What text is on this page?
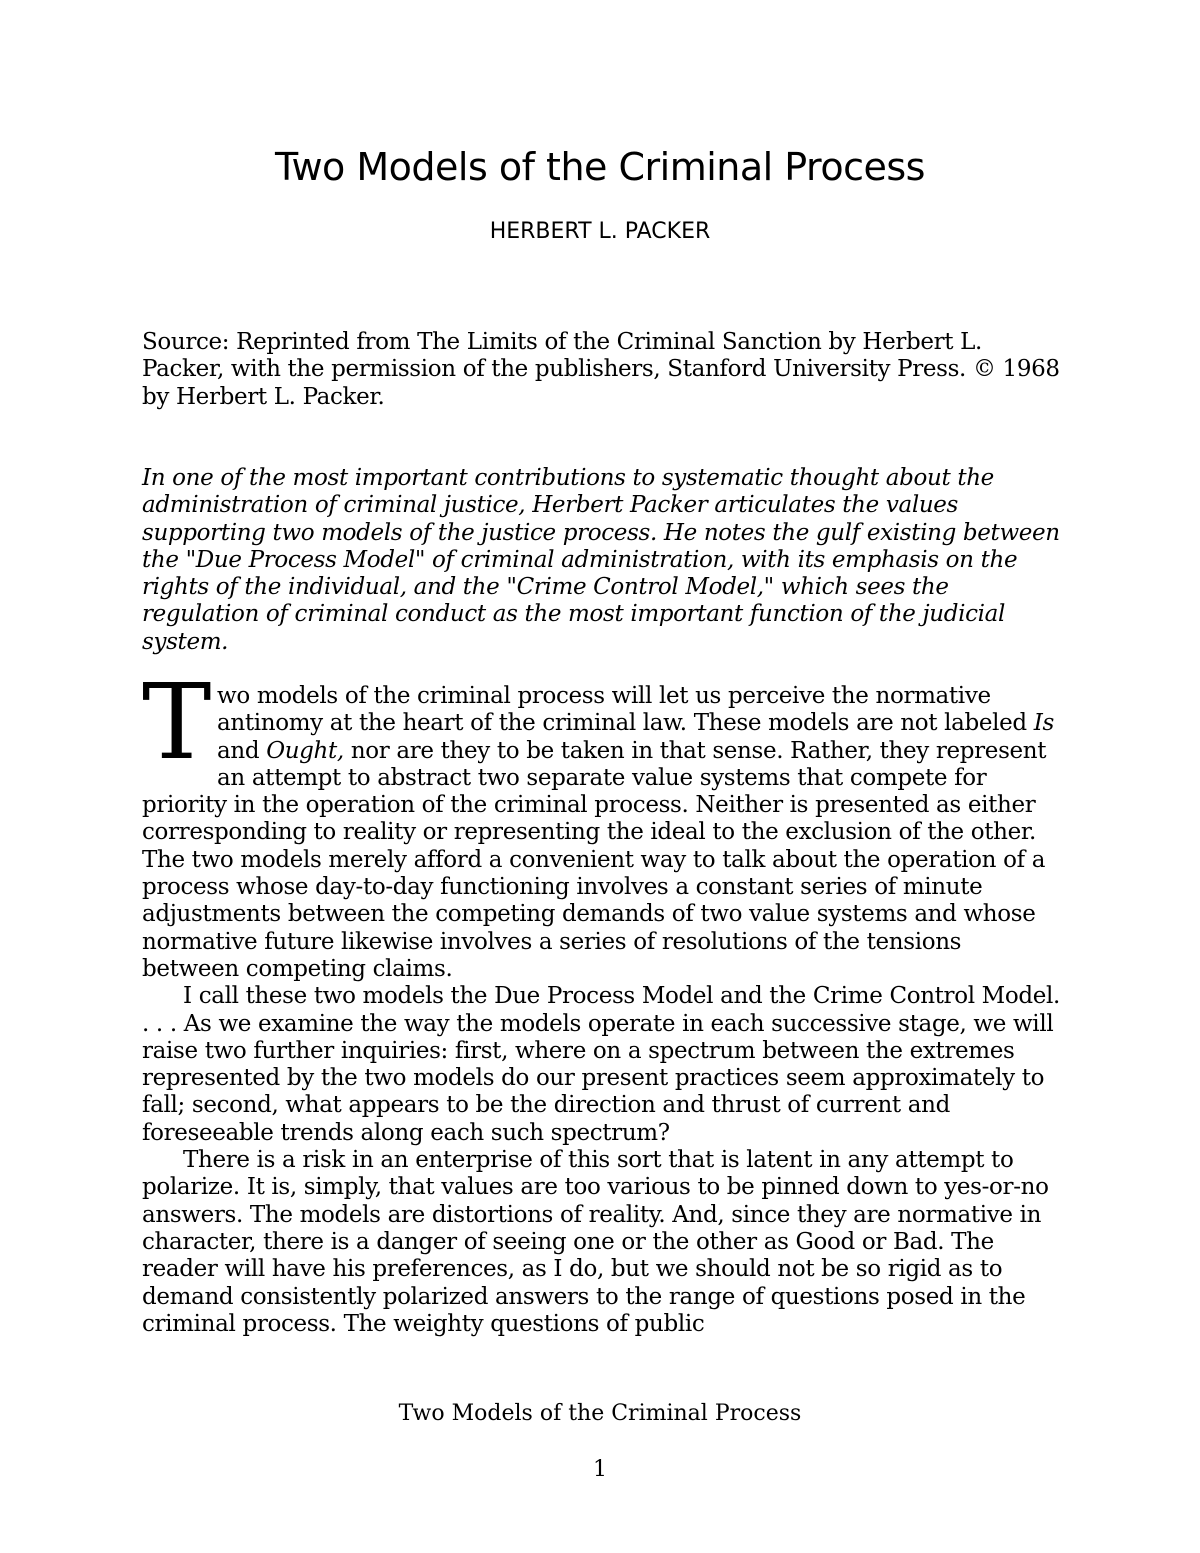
Two Models of the Criminal Process
HERBERT L. PACKER

Source: Reprinted from The Limits of the Criminal Sanction by Herbert L. Packer, with the permission of the publishers, Stanford University Press. © 1968 by Herbert L. Packer.

In one of the most important contributions to systematic thought about the administration of criminal justice, Herbert Packer articulates the values supporting two models of the justice process. He notes the gulf existing between the "Due Process Model" of criminal administration, with its emphasis on the rights of the individual, and the "Crime Control Model," which sees the regulation of criminal conduct as the most important function of the judicial system.

Two models of the criminal process will let us perceive the normative antinomy at the heart of the criminal law. These models are not labeled Is and Ought, nor are they to be taken in that sense. Rather, they represent an attempt to abstract two separate value systems that compete for priority in the operation of the criminal process. Neither is presented as either corresponding to reality or representing the ideal to the exclusion of the other. The two models merely afford a convenient way to talk about the operation of a process whose day-to-day functioning involves a constant series of minute adjustments between the competing demands of two value systems and whose normative future likewise involves a series of resolutions of the tensions between competing claims.

I call these two models the Due Process Model and the Crime Control Model. . . . As we examine the way the models operate in each successive stage, we will raise two further inquiries: first, where on a spectrum between the extremes represented by the two models do our present practices seem approximately to fall; second, what appears to be the direction and thrust of current and foreseeable trends along each such spectrum?

There is a risk in an enterprise of this sort that is latent in any attempt to polarize. It is, simply, that values are too various to be pinned down to yes-or-no answers. The models are distortions of reality. And, since they are normative in character, there is a danger of seeing one or the other as Good or Bad. The reader will have his preferences, as I do, but we should not be so rigid as to demand consistently polarized answers to the range of questions posed in the criminal process. The weighty questions of public

Two Models of the Criminal Process
1
